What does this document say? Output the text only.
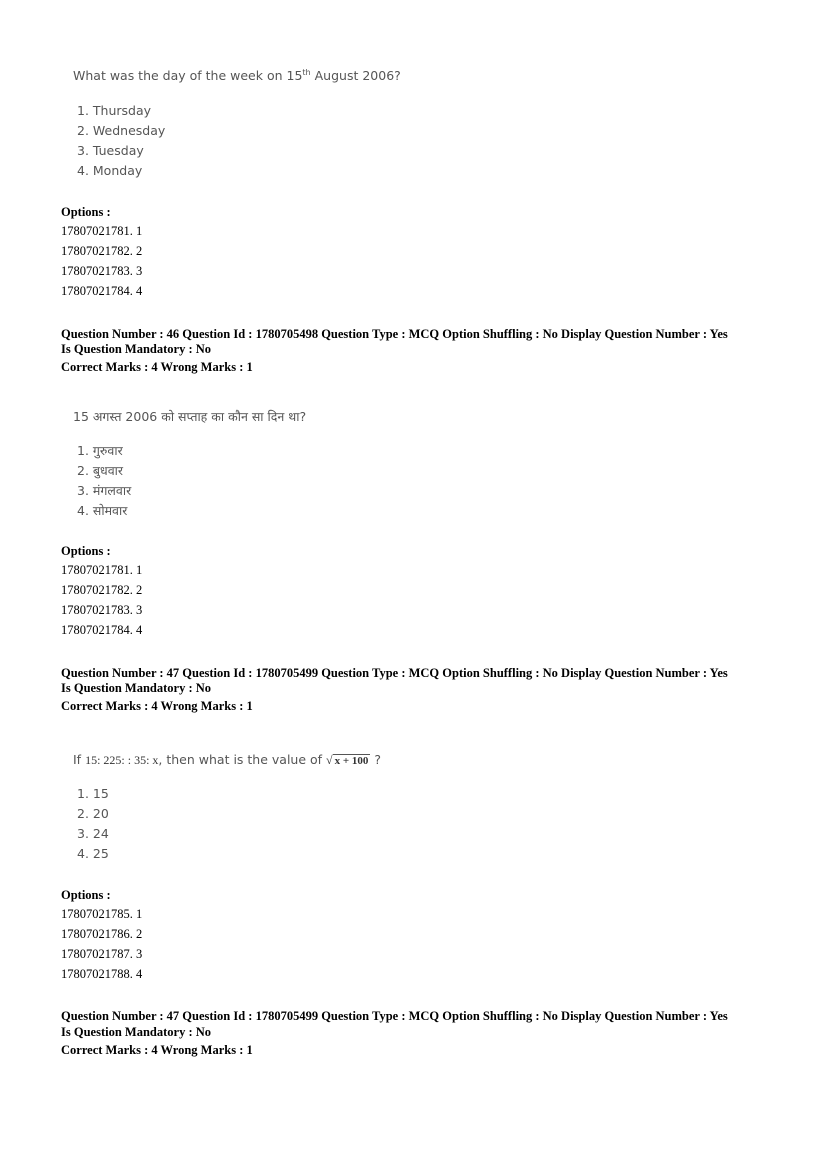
What was the day of the week on 15th August 2006?
1. Thursday
2. Wednesday
3. Tuesday
4. Monday
Options :
17807021781. 1
17807021782. 2
17807021783. 3
17807021784. 4
Question Number : 46 Question Id : 1780705498 Question Type : MCQ Option Shuffling : No Display Question Number : Yes
Is Question Mandatory : No
Correct Marks : 4 Wrong Marks : 1
15 अगस्त 2006 को सप्ताह का कौन सा दिन था?
1. गुरुवार
2. बुधवार
3. मंगलवार
4. सोमवार
Options :
17807021781. 1
17807021782. 2
17807021783. 3
17807021784. 4
Question Number : 47 Question Id : 1780705499 Question Type : MCQ Option Shuffling : No Display Question Number : Yes
Is Question Mandatory : No
Correct Marks : 4 Wrong Marks : 1
If 15: 225: : 35: x, then what is the value of √ x + 100 ?
1. 15
2. 20
3. 24
4. 25
Options :
17807021785. 1
17807021786. 2
17807021787. 3
17807021788. 4
Question Number : 47 Question Id : 1780705499 Question Type : MCQ Option Shuffling : No Display Question Number : Yes
Is Question Mandatory : No
Correct Marks : 4 Wrong Marks : 1
